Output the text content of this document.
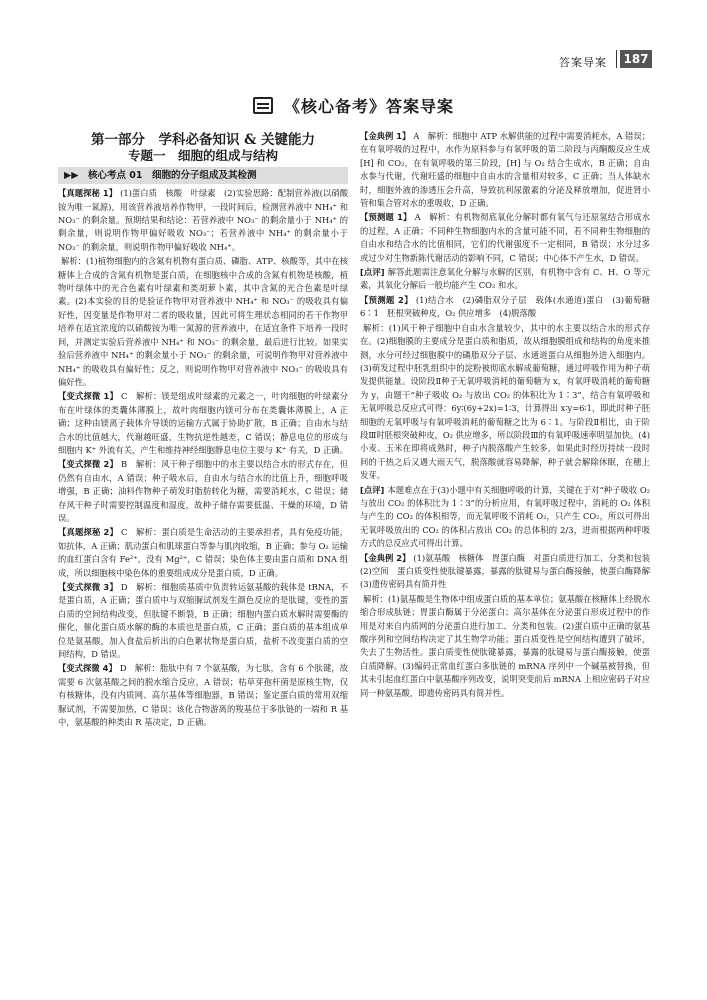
答案导案 187
《核心备考》答案导案
第一部分　学科必备知识 & 关键能力
专题一　细胞的组成与结构
▶▶ 核心考点 01　细胞的分子组成及其检测

【真题探秘 1】 (1)蛋白质　核酸　叶绿素　(2)实验思路：配制营养液(以硝酸铵为唯一氮源)，用该营养液培养作物甲，一段时间后，检测营养液中 NH₄⁺ 和 NO₃⁻ 的剩余量。预期结果和结论：若营养液中 NO₃⁻ 的剩余量小于 NH₄⁺ 的剩余量，则说明作物甲偏好吸收 NO₃⁻；若营养液中 NH₄⁺ 的剩余量小于 NO₃⁻ 的剩余量，则说明作物甲偏好吸收 NH₄⁺。

解析：(1)植物细胞内的含氮有机物有蛋白质、磷脂、ATP、核酸等，其中在核糖体上合成的含氮有机物是蛋白质，在细胞核中合成的含氮有机物是核酸，植物叶绿体中的光合色素有叶绿素和类胡萝卜素，其中含氮的光合色素是叶绿素。(2)本实验的目的是验证作物甲对营养液中 NH₄⁺ 和 NO₃⁻ 的吸收具有偏好性，因变量是作物甲对二者的吸收量，因此可将生理状态相同的若干作物甲培养在适宜浓度的以硝酸铵为唯一氮源的营养液中，在适宜条件下培养一段时间，并测定实验后营养液中 NH₄⁺ 和 NO₃⁻ 的剩余量，最后进行比较。如果实验后营养液中 NH₄⁺ 的剩余量小于 NO₃⁻ 的剩余量，可说明作物甲对营养液中 NH₄⁺ 的吸收具有偏好性；反之，则说明作物甲对营养液中 NO₃⁻ 的吸收具有偏好性。

【变式探微 1】 C　解析：镁是组成叶绿素的元素之一，叶肉细胞的叶绿素分布在叶绿体的类囊体薄膜上，故叶肉细胞内镁可分布在类囊体薄膜上，A 正确；这种由镁离子载体介导镁的运输方式属于协助扩散，B 正确；自由水与结合水的比值越大，代谢越旺盛，生物抗逆性越差，C 错误；静息电位的形成与细胞内 K⁺ 外流有关，产生和维持神经细胞静息电位主要与 K⁺ 有关，D 正确。

【变式探微 2】 B　解析：风干种子细胞中的水主要以结合水的形式存在，但仍然有自由水，A 错误；种子吸水后，自由水与结合水的比值上升，细胞呼吸增强，B 正确；油料作物种子萌发时脂肪转化为糖，需要消耗水，C 错误；储存风干种子时需要控制温度和湿度，故种子储存需要低温、干燥的环境，D 错误。

【真题探秘 2】 C　解析：蛋白质是生命活动的主要承担者，具有免疫功能，如抗体，A 正确；肌动蛋白和肌球蛋白等参与肌肉收缩，B 正确；参与 O₂ 运输的血红蛋白含有 Fe²⁺，没有 Mg²⁺，C 错误；染色体主要由蛋白质和 DNA 组成，所以细胞核中染色体的重要组成成分是蛋白质，D 正确。

【变式探微 3】 D　解析：细胞质基质中负责转运氨基酸的载体是 tRNA，不是蛋白质，A 正确；蛋白质中与双缩脲试剂发生颜色反应的是肽键，变性的蛋白质的空间结构改变，但肽键不断裂，B 正确；细胞内蛋白质水解时需要酶的催化，催化蛋白质水解的酶的本质也是蛋白质，C 正确；蛋白质的基本组成单位是氨基酸，加入食盐后析出的白色絮状物是蛋白质，盐析不改变蛋白质的空间结构，D 错误。

【变式探微 4】 D　解析：脂肽中有 7 个氨基酸，为七肽，含有 6 个肽键，故需要 6 次氨基酸之间的脱水缩合反应，A 错误；枯草芽孢杆菌是原核生物，仅有核糖体，没有内质网、高尔基体等细胞器，B 错误；鉴定蛋白质的常用双缩脲试剂，不需要加热，C 错误；该化合物游离的羧基位于多肽链的一端和 R 基中，氨基酸的种类由 R 基决定，D 正确。

【金典例 1】 A　解析：细胞中 ATP 水解供能的过程中需要消耗水，A 错误；在有氧呼吸的过程中，水作为原料参与有氧呼吸的第二阶段与丙酮酸反应生成 [H] 和 CO₂，在有氧呼吸的第三阶段，[H] 与 O₂ 结合生成水，B 正确；自由水参与代谢，代谢旺盛的细胞中自由水的含量相对较多，C 正确；当人体缺水时，细胞外液的渗透压会升高，导致抗利尿激素的分泌及释放增加，促进肾小管和集合管对水的重吸收，D 正确。

【预测题 1】 A　解析：有机物彻底氧化分解时都有氧气与还原氢结合形成水的过程，A 正确；不同种生物细胞内水的含量可能不同，若不同种生物细胞的自由水和结合水的比值相同，它们的代谢强度不一定相同，B 错误；水分过多或过少对生物新陈代谢活动的影响不同，C 错误；中心体不产生水，D 错误。

[点评] 解答此题需注意氧化分解与水解的区别，有机物中含有 C、H、O 等元素，其氧化分解后一般均能产生 CO₂ 和水。

【预测题 2】 (1)结合水　(2)磷脂双分子层　载体(水通道)蛋白　(3)葡萄糖　6∶1　胚根突破种皮，O₂ 供应增多　(4)脱落酸

解析：(1)风干种子细胞中自由水含量较少，其中的水主要以结合水的形式存在。(2)细胞膜的主要成分是蛋白质和脂质，故从细胞膜组成和结构的角度来推测，水分可经过细胞膜中的磷脂双分子层、水通道蛋白从细胞外进入细胞内。(3)萌发过程中胚乳组织中的淀粉被彻底水解成葡萄糖，通过呼吸作用为种子萌发提供能量。设阶段Ⅱ种子无氧呼吸消耗的葡萄糖为 x，有氧呼吸消耗的葡萄糖为 y，由题干“种子吸收 O₂ 与放出 CO₂ 的体积比为 1∶3”，结合有氧呼吸和无氧呼吸总反应式可得：6y∶(6y+2x)=1∶3，计算得出 x∶y=6∶1，即此时种子胚细胞的无氧呼吸与有氧呼吸消耗的葡萄糖之比为 6∶1。与阶段Ⅱ相比，由于阶段Ⅲ时胚根突破种皮，O₂ 供应增多，所以阶段Ⅲ的有氧呼吸速率明显加快。(4)小麦、玉米在即将成熟时，种子内脱落酸产生较多，如果此时经历持续一段时间的干热之后又遇大雨天气，脱落酸就容易降解，种子就会解除休眠，在穗上发芽。

[点评] 本题难点在于(3)小题中有关细胞呼吸的计算，关键在于对“种子吸收 O₂ 与放出 CO₂ 的体积比为 1∶3”的分析应用，有氧呼吸过程中，消耗的 O₂ 体积与产生的 CO₂ 的体积相等，而无氧呼吸不消耗 O₂，只产生 CO₂，所以可得出无氧呼吸放出的 CO₂ 的体积占放出 CO₂ 的总体积的 2/3，进而根据两种呼吸方式的总反应式可得出计算。

【金典例 2】 (1)氨基酸　核糖体　胃蛋白酶　对蛋白质进行加工、分类和包装　(2)空间　蛋白质变性使肽键暴露，暴露的肽键易与蛋白酶接触，使蛋白酶降解　(3)遗传密码具有简并性

解析：(1)氨基酸是生物体中组成蛋白质的基本单位；氨基酸在核糖体上经脱水缩合形成肽链；胃蛋白酶属于分泌蛋白；高尔基体在分泌蛋白形成过程中的作用是对来自内质网的分泌蛋白进行加工、分类和包装。(2)蛋白质中正确的氨基酸序列和空间结构决定了其生物学功能；蛋白质变性是空间结构遭到了破坏，失去了生物活性。蛋白质变性使肽键暴露，暴露的肽键易与蛋白酶接触，使蛋白质降解。(3)编码正常血红蛋白多肽链的 mRNA 序列中一个碱基被替换，但其未引起血红蛋白中氨基酸序列改变，说明突变前后 mRNA 上相应密码子对应同一种氨基酸，即遗传密码具有简并性。
